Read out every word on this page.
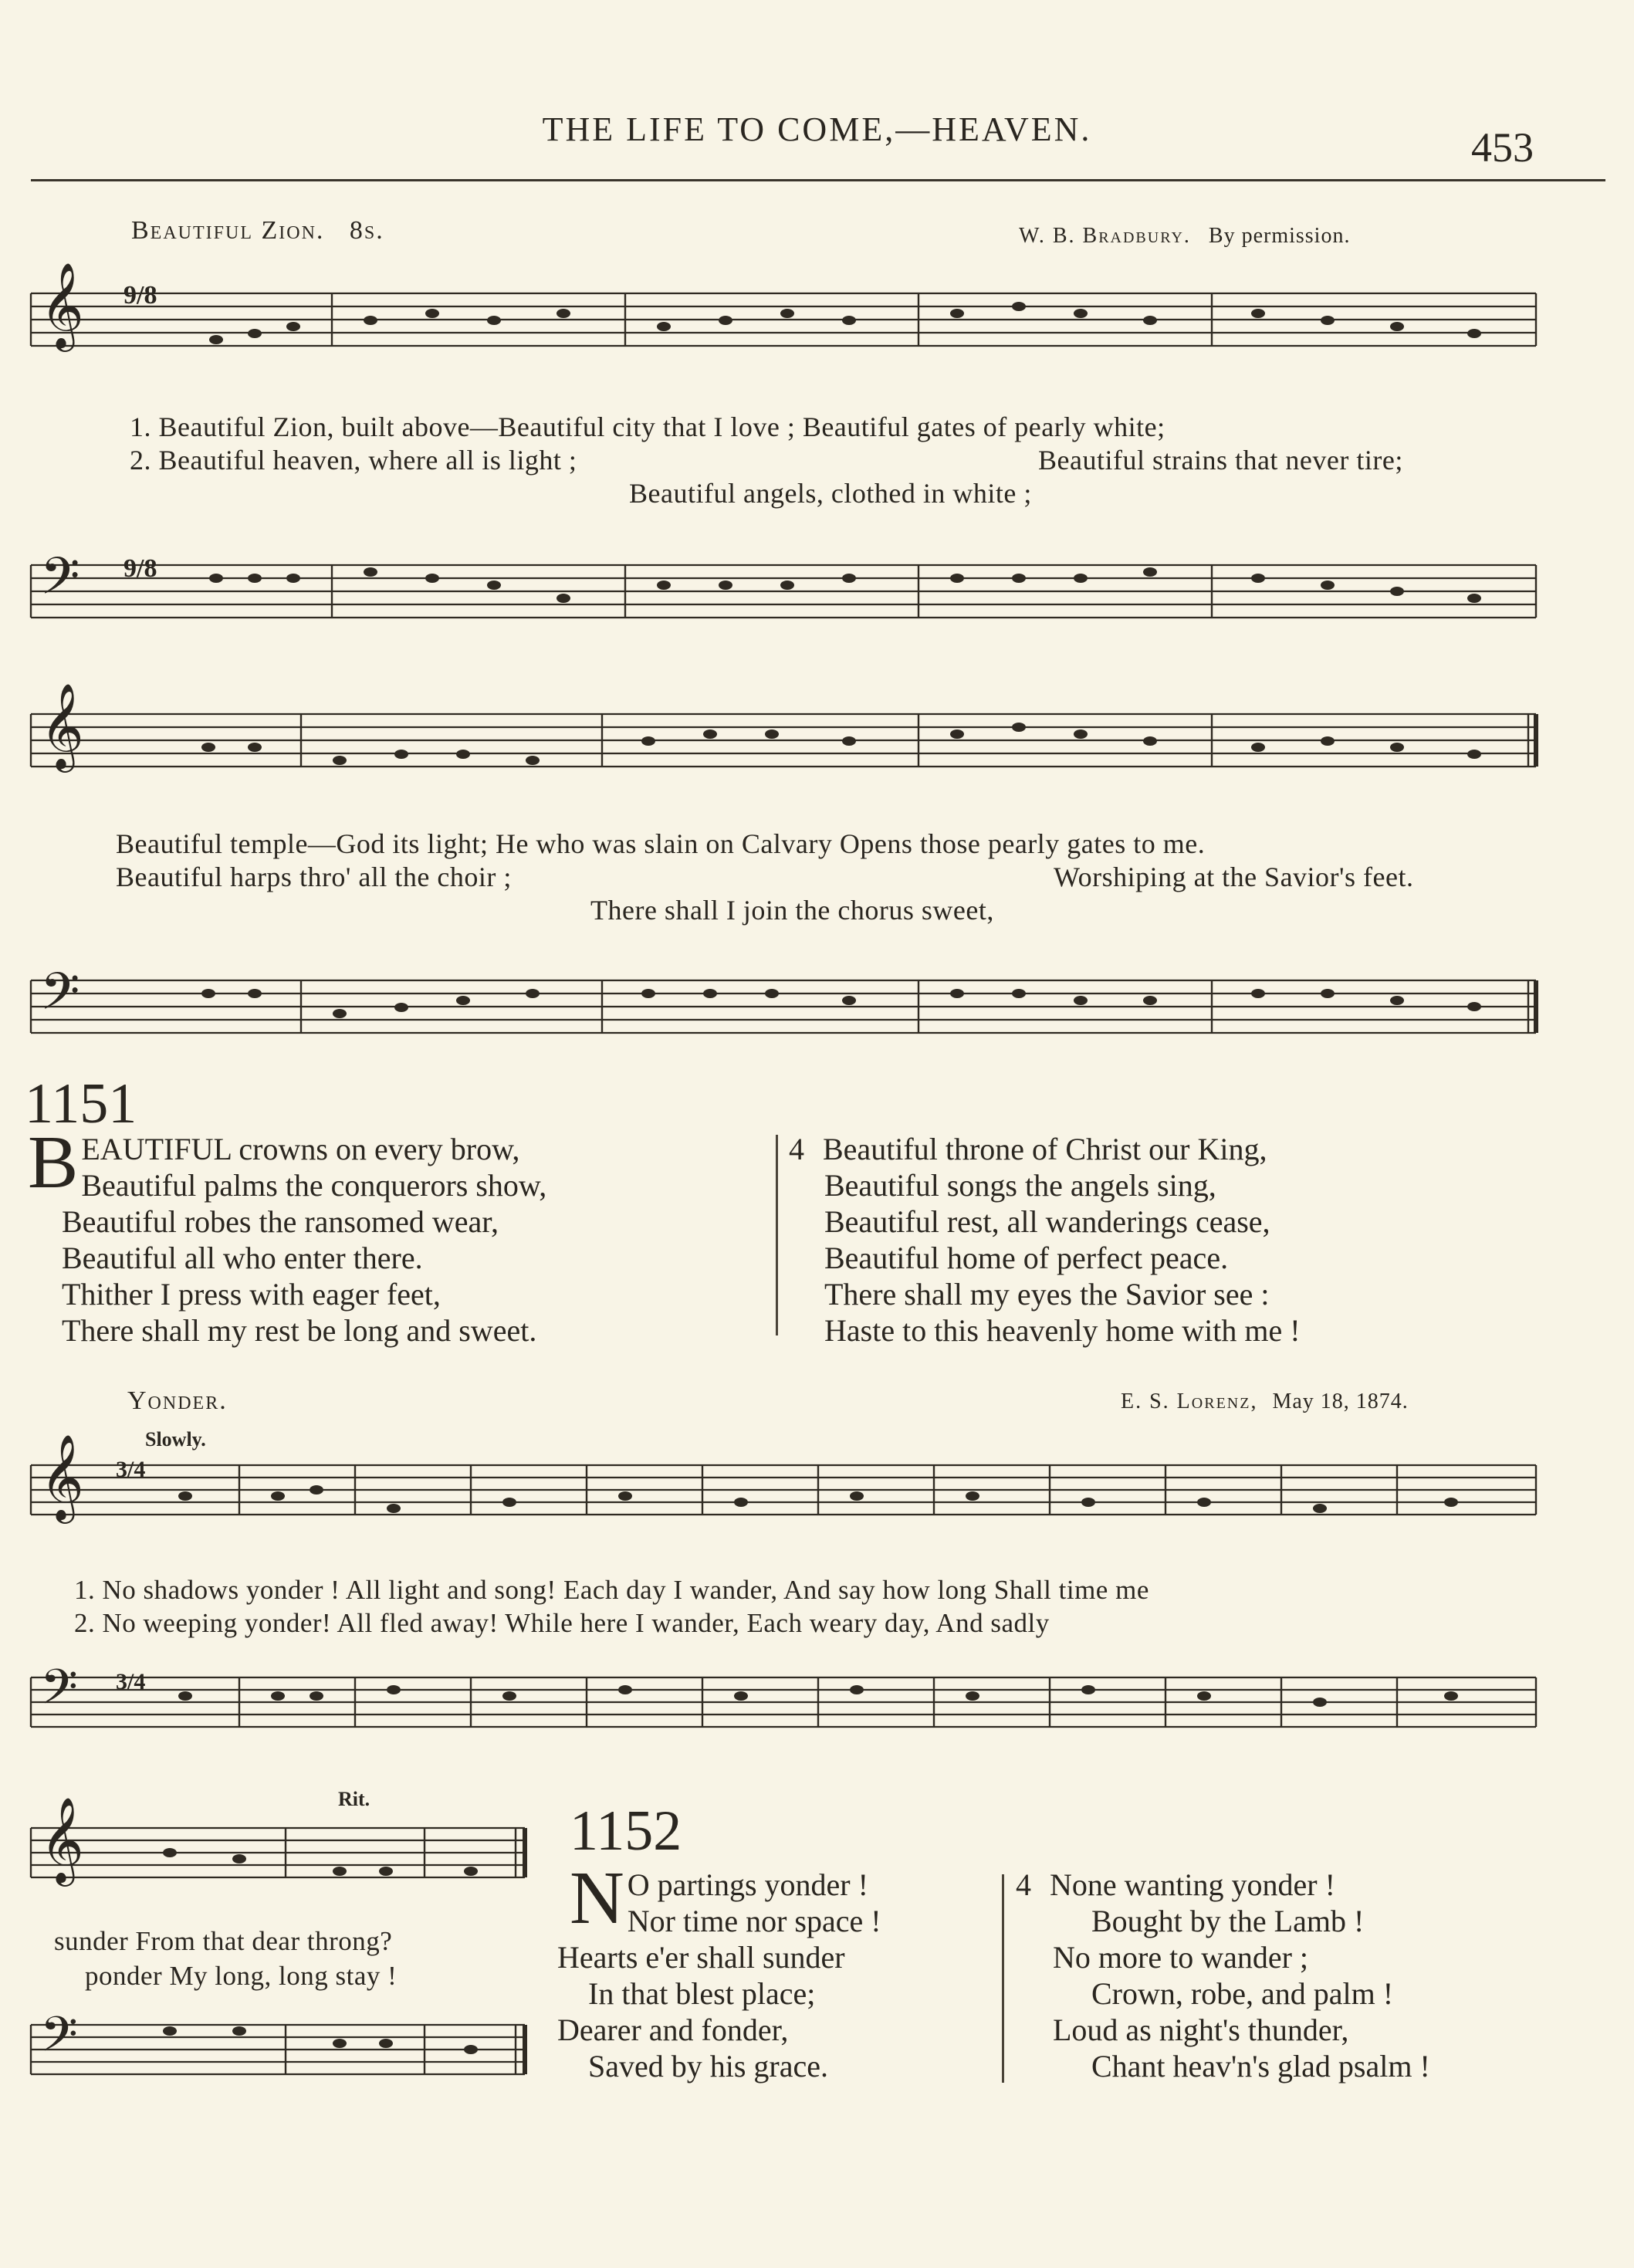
THE LIFE TO COME,—HEAVEN.	453
Beautiful Zion. 8s.	W. B. Bradbury. By permission.
𝄞 9/8
1. Beautiful Zion, built above—Beautiful city that I love ; Beautiful gates of pearly white;
2. Beautiful heaven, where all is light ;	Beautiful strains that never tire;
Beautiful angels, clothed in white ;
𝄢 9/8
𝄞
Beautiful temple—God its light; He who was slain on Calvary Opens those pearly gates to me.
Beautiful harps thro' all the choir ;	Worshiping at the Savior's feet.
There shall I join the chorus sweet,
𝄢
1151
B EAUTIFUL crowns on every brow,
Beautiful palms the conquerors show,
Beautiful robes the ransomed wear,
Beautiful all who enter there.
Thither I press with eager feet,
There shall my rest be long and sweet.
4 Beautiful throne of Christ our King,
Beautiful songs the angels sing,
Beautiful rest, all wanderings cease,
Beautiful home of perfect peace.
There shall my eyes the Savior see :
Haste to this heavenly home with me !
Yonder.	E. S. Lorenz, May 18, 1874.
Slowly.
𝄞 3/4
1. No shadows yonder ! All light and song! Each day I wander, And say how long Shall time me
2. No weeping yonder! All fled away! While here I wander, Each weary day, And sadly
𝄢 3/4
Rit.
𝄞
sunder From that dear throng?
ponder My long, long stay !
𝄢
1152
N O partings yonder !
Nor time nor space !
Hearts e'er shall sunder
In that blest place;
Dearer and fonder,
Saved by his grace.
4 None wanting yonder !
Bought by the Lamb !
No more to wander ;
Crown, robe, and palm !
Loud as night's thunder,
Chant heav'n's glad psalm !
